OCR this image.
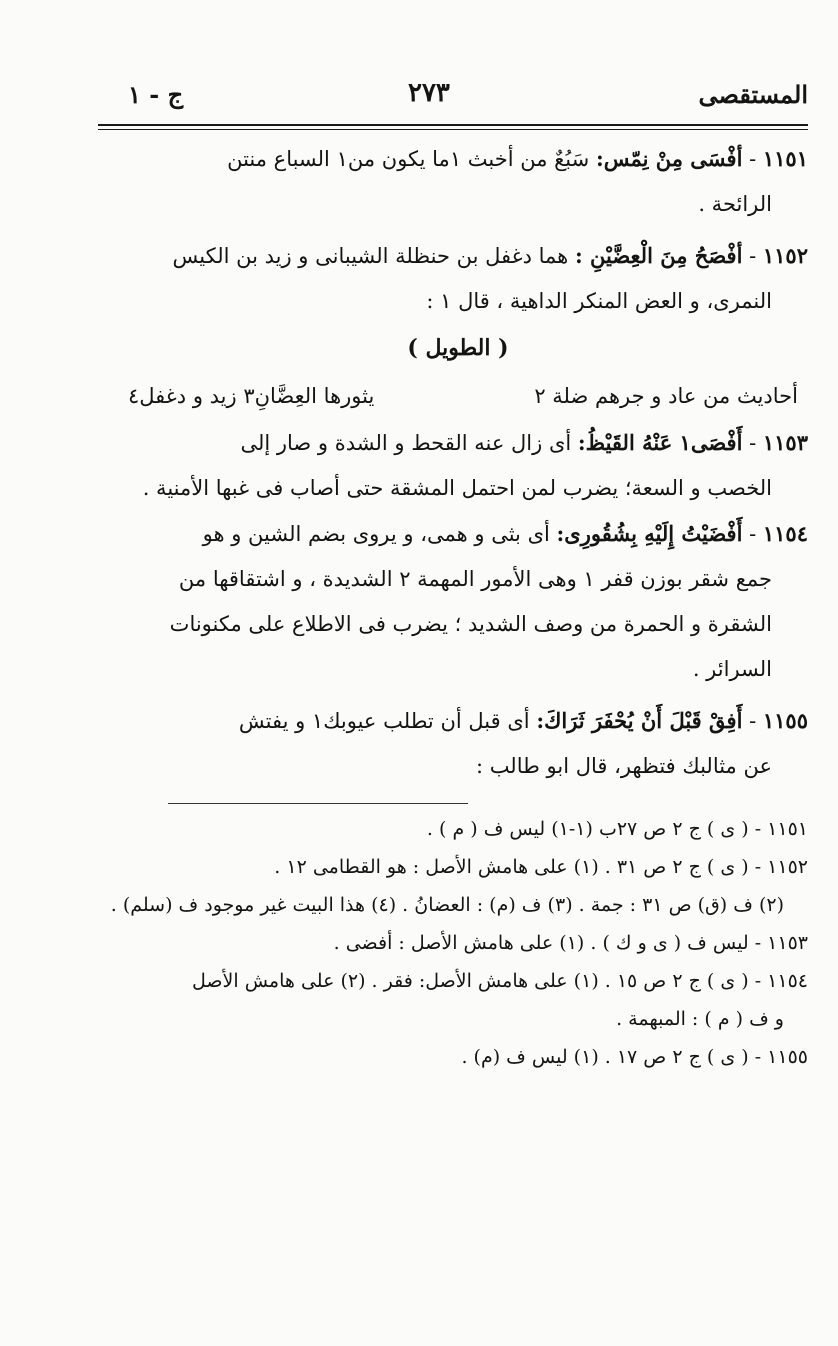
المستقصى
٢٧٣
ج - ١
١١٥١ - أفْسَى مِنْ نِمّس: سَبُعٌ من أخبث ١ما يكون من١ السباع منتن
الرائحة .
١١٥٢ - أفْصَحُ مِنَ الْعِضَّيْنِ : هما دغفل بن حنظلة الشيبانى و زيد بن الكيس
النمرى، و العض المنكر الداهية ، قال ١ :
( الطويل )
أحاديث من عاد و جرهم ضلة ٢
يثورها العِضَّانِ٣ زيد و دغفل٤
١١٥٣ - أَفْصَى١ عَنْهُ القَيْظُ: أى زال عنه القحط و الشدة و صار إلى
الخصب و السعة؛ يضرب لمن احتمل المشقة حتى أصاب فى غبها الأمنية .
١١٥٤ - أَفْضَيْتُ إِلَيْهِ بِشُقُورِى: أى بثى و همى، و يروى بضم الشين و هو
جمع شقر بوزن قفر ١ وهى الأمور المهمة ٢ الشديدة ، و اشتقاقها من
الشقرة و الحمرة من وصف الشديد ؛ يضرب فى الاطلاع على مكنونات
السرائر .
١١٥٥ - أَفِقْ قَبْلَ أَنْ يُحْفَرَ ثَرَاكَ: أى قبل أن تطلب عيوبك١ و يفتش
عن مثالبك فتظهر، قال ابو طالب :
١١٥١ - ( ى ) ج ٢ ص ٢٧ب (١-١) ليس ف ( م ) .
١١٥٢ - ( ى ) ج ٢ ص ٣١ . (١) على هامش الأصل : هو القطامى ١٢ .
(٢) ف (ق) ص ٣١ : جمة . (٣) ف (م) : العضانُ . (٤) هذا البيت غير موجود ف (سلم) .
١١٥٣ - ليس ف ( ى و ك ) . (١) على هامش الأصل : أفضى .
١١٥٤ - ( ى ) ج ٢ ص ١٥ . (١) على هامش الأصل: فقر . (٢) على هامش الأصل
و ف ( م ) : المبهمة .
١١٥٥ - ( ى ) ج ٢ ص ١٧ . (١) ليس ف (م) .
